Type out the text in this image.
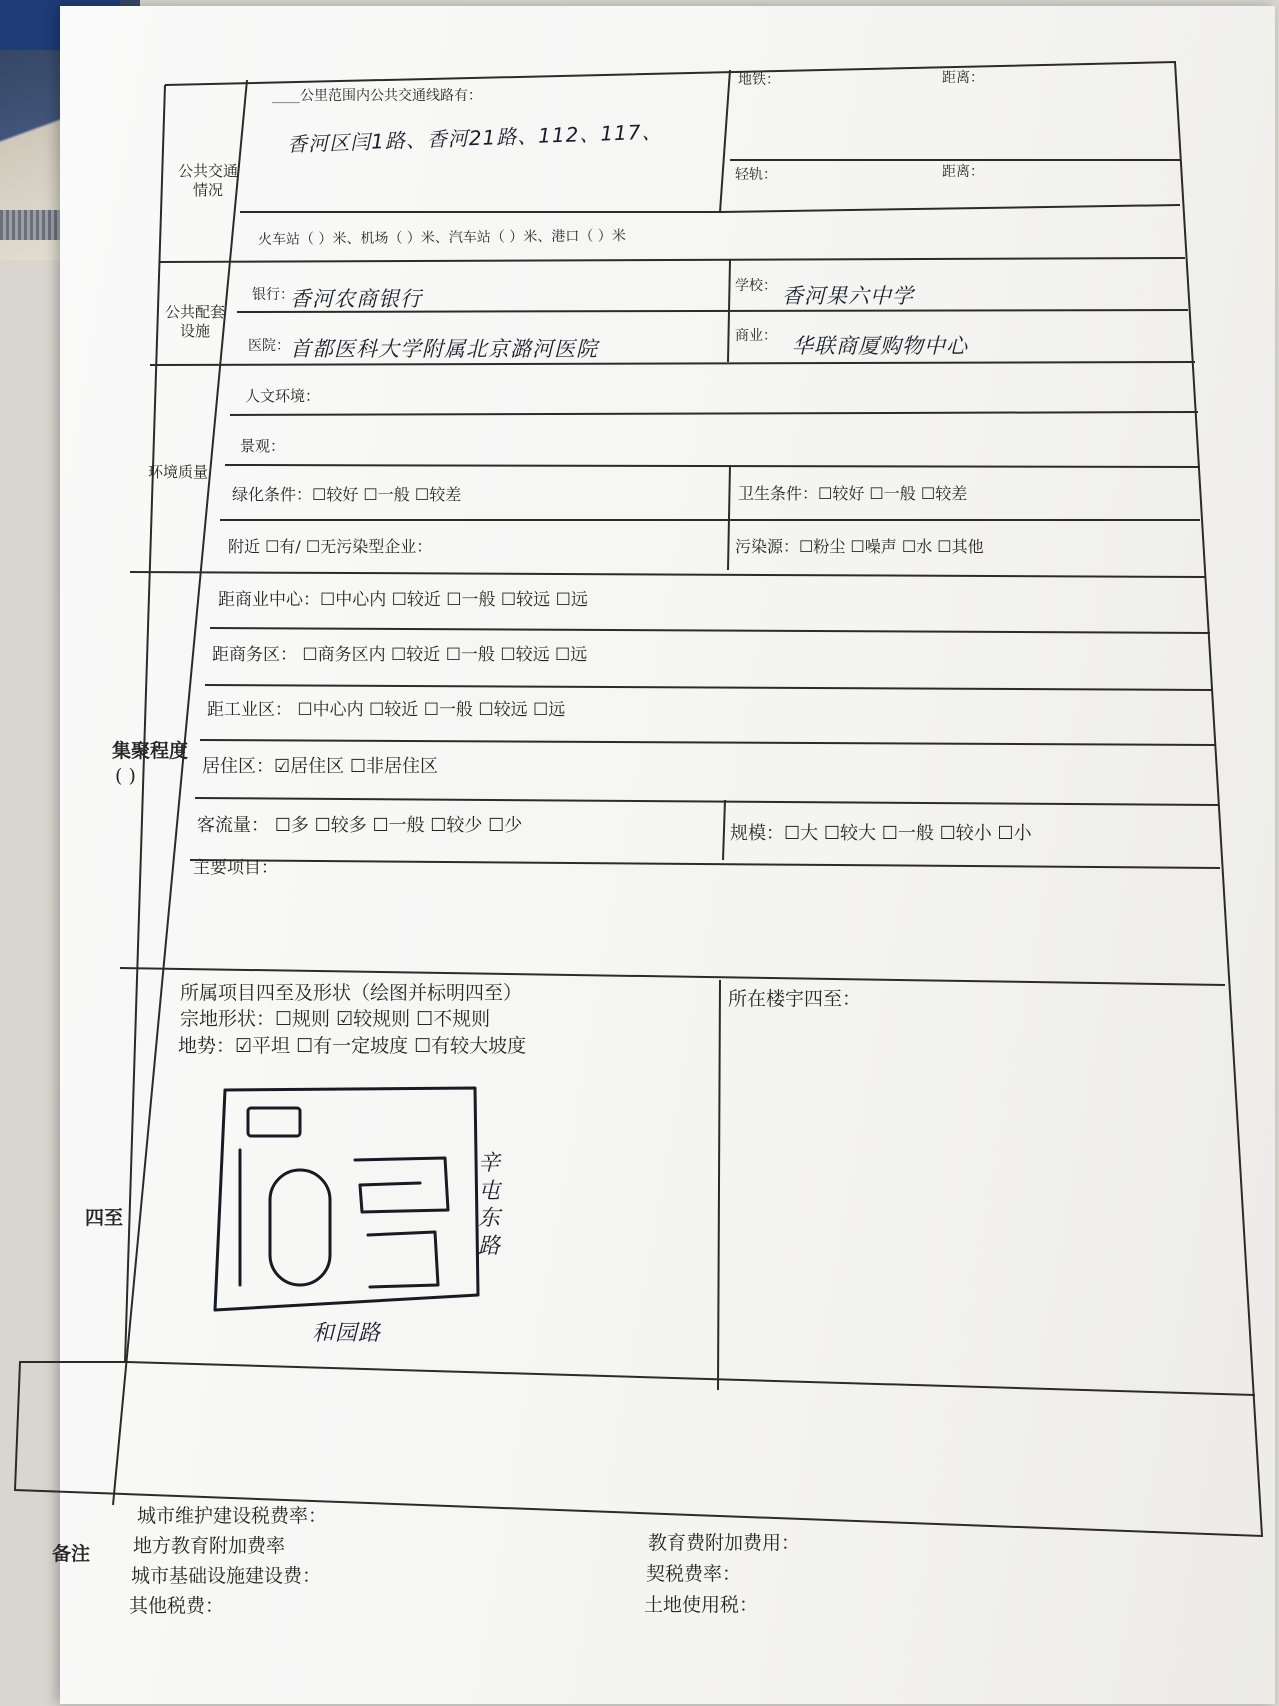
公共交通情况
公共配套设施
环境质量
集聚程度
( )
四至
备注
____公里范围内公共交通线路有：
香河区闫1路、香河21路、112、117、
地铁：	距离：
轻轨：	距离：
火车站（ ）米、机场（ ）米、汽车站（ ）米、港口（ ）米
银行：
香河农商银行
学校： 香河果六中学
医院： 首都医科大学附属北京潞河医院
商业： 华联商厦购物中心
人文环境：
景观：
绿化条件：☐较好 ☐一般 ☐较差	卫生条件：☐较好 ☐一般 ☐较差
附近 ☐有/ ☐无污染型企业：	污染源：☐粉尘 ☐噪声 ☐水 ☐其他
距商业中心：☐中心内 ☐较近 ☐一般 ☐较远 ☐远
距商务区： ☐商务区内 ☐较近 ☐一般 ☐较远 ☐远
距工业区： ☐中心内 ☐较近 ☐一般 ☐较远 ☐远
居住区：☑居住区 ☐非居住区
客流量： ☐多 ☐较多 ☐一般 ☐较少 ☐少	规模：☐大 ☐较大 ☐一般 ☐较小 ☐小
主要项目：
所属项目四至及形状（绘图并标明四至）
宗地形状：☐规则 ☑较规则 ☐不规则
地势：☑平坦 ☐有一定坡度 ☐有较大坡度
所在楼宇四至：
辛屯东路
和园路
城市维护建设税费率：
地方教育附加费率
城市基础设施建设费：
其他税费：
教育费附加费用：
契税费率：
土地使用税：
